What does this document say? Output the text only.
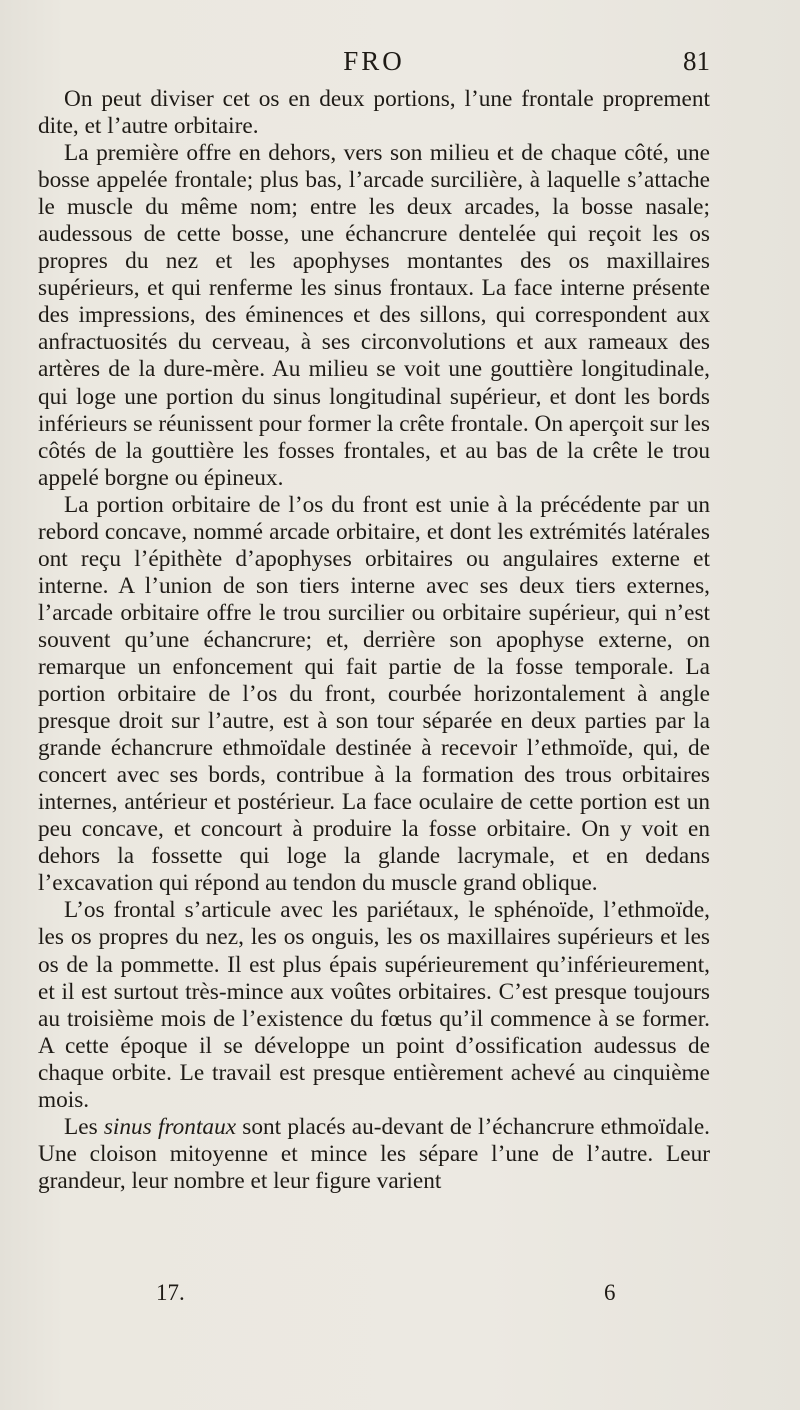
FRO	81

On peut diviser cet os en deux portions, l’une frontale proprement dite, et l’autre orbitaire.

La première offre en dehors, vers son milieu et de chaque côté, une bosse appelée frontale; plus bas, l’arcade surcilière, à laquelle s’attache le muscle du même nom; entre les deux arcades, la bosse nasale; audessous de cette bosse, une échancrure dentelée qui reçoit les os propres du nez et les apophyses montantes des os maxillaires supérieurs, et qui renferme les sinus frontaux. La face interne présente des impressions, des éminences et des sillons, qui correspondent aux anfractuosités du cerveau, à ses circonvolutions et aux rameaux des artères de la dure-mère. Au milieu se voit une gouttière longitudinale, qui loge une portion du sinus longitudinal supérieur, et dont les bords inférieurs se réunissent pour former la crête frontale. On aperçoit sur les côtés de la gouttière les fosses frontales, et au bas de la crête le trou appelé borgne ou épineux.

La portion orbitaire de l’os du front est unie à la précédente par un rebord concave, nommé arcade orbitaire, et dont les extrémités latérales ont reçu l’épithète d’apophyses orbitaires ou angulaires externe et interne. A l’union de son tiers interne avec ses deux tiers externes, l’arcade orbitaire offre le trou surcilier ou orbitaire supérieur, qui n’est souvent qu’une échancrure; et, derrière son apophyse externe, on remarque un enfoncement qui fait partie de la fosse temporale. La portion orbitaire de l’os du front, courbée horizontalement à angle presque droit sur l’autre, est à son tour séparée en deux parties par la grande échancrure ethmoïdale destinée à recevoir l’ethmoïde, qui, de concert avec ses bords, contribue à la formation des trous orbitaires internes, antérieur et postérieur. La face oculaire de cette portion est un peu concave, et concourt à produire la fosse orbitaire. On y voit en dehors la fossette qui loge la glande lacrymale, et en dedans l’excavation qui répond au tendon du muscle grand oblique.

L’os frontal s’articule avec les pariétaux, le sphénoïde, l’ethmoïde, les os propres du nez, les os onguis, les os maxillaires supérieurs et les os de la pommette. Il est plus épais supérieurement qu’inférieurement, et il est surtout très-mince aux voûtes orbitaires. C’est presque toujours au troisième mois de l’existence du fœtus qu’il commence à se former. A cette époque il se développe un point d’ossification audessus de chaque orbite. Le travail est presque entièrement achevé au cinquième mois.

Les sinus frontaux sont placés au-devant de l’échancrure ethmoïdale. Une cloison mitoyenne et mince les sépare l’une de l’autre. Leur grandeur, leur nombre et leur figure varient

17.	6
